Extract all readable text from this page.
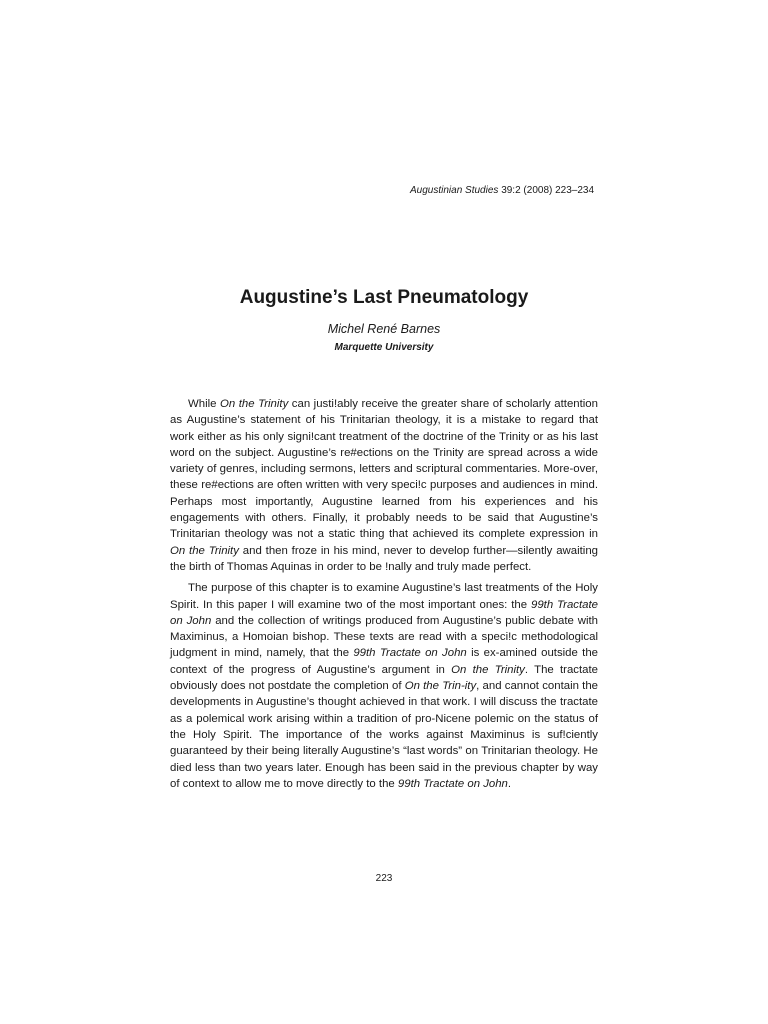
Augustinian Studies 39:2 (2008) 223–234
Augustine’s Last Pneumatology
Michel René Barnes
Marquette University

While On the Trinity can justi!ably receive the greater share of scholarly attention as Augustine’s statement of his Trinitarian theology, it is a mistake to regard that work either as his only signi!cant treatment of the doctrine of the Trinity or as his last word on the subject. Augustine’s re#ections on the Trinity are spread across a wide variety of genres, including sermons, letters and scriptural commentaries. More-over, these re#ections are often written with very speci!c purposes and audiences in mind. Perhaps most importantly, Augustine learned from his experiences and his engagements with others. Finally, it probably needs to be said that Augustine’s Trinitarian theology was not a static thing that achieved its complete expression in On the Trinity and then froze in his mind, never to develop further—silently awaiting the birth of Thomas Aquinas in order to be !nally and truly made perfect.

The purpose of this chapter is to examine Augustine’s last treatments of the Holy Spirit. In this paper I will examine two of the most important ones: the 99th Tractate on John and the collection of writings produced from Augustine’s public debate with Maximinus, a Homoian bishop. These texts are read with a speci!c methodological judgment in mind, namely, that the 99th Tractate on John is ex-amined outside the context of the progress of Augustine’s argument in On the Trinity. The tractate obviously does not postdate the completion of On the Trin-ity, and cannot contain the developments in Augustine’s thought achieved in that work. I will discuss the tractate as a polemical work arising within a tradition of pro-Nicene polemic on the status of the Holy Spirit. The importance of the works against Maximinus is suf!ciently guaranteed by their being literally Augustine’s “last words” on Trinitarian theology. He died less than two years later. Enough has been said in the previous chapter by way of context to allow me to move directly to the 99th Tractate on John.

223
